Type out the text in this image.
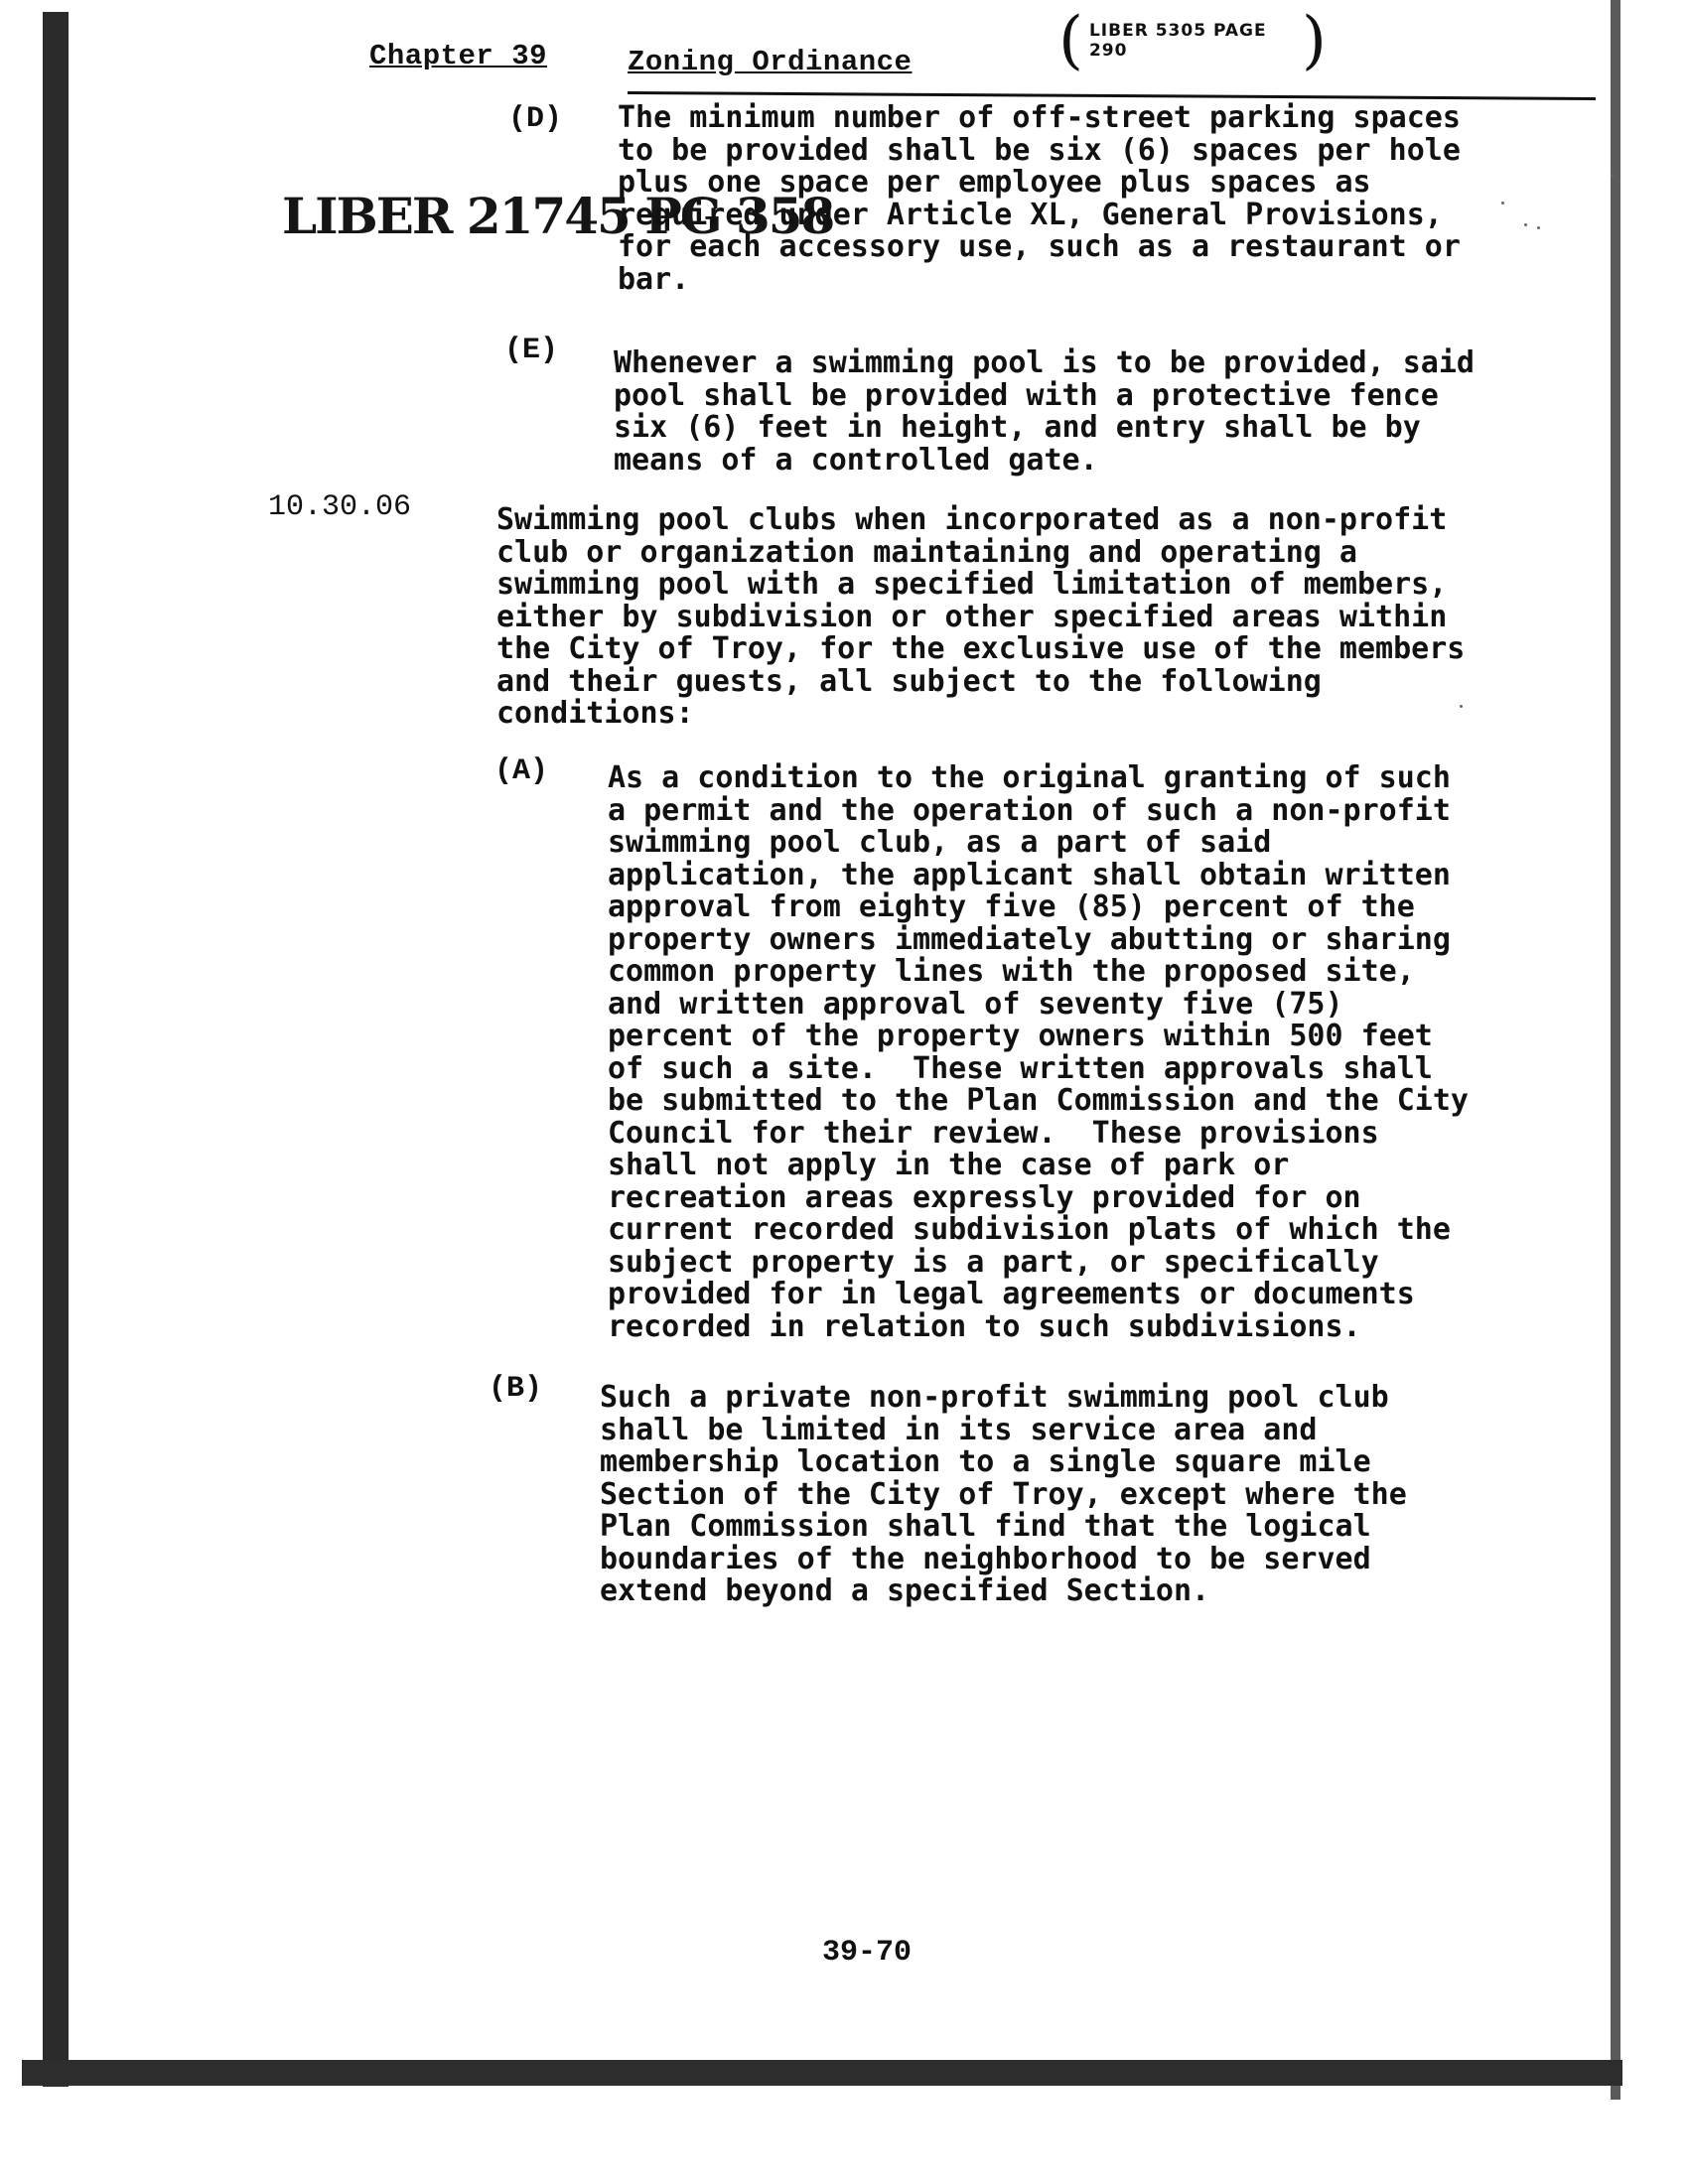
Chapter 39	Zoning Ordinance ( LIBER 5305 PAGE 290	)
LIBER 21745 PG 358
(D) The minimum number of off-street parking spaces
to be provided shall be six (6) spaces per hole
plus one space per employee plus spaces as
required under Article XL, General Provisions,
for each accessory use, such as a restaurant or
bar.
(E) Whenever a swimming pool is to be provided, said
pool shall be provided with a protective fence
six (6) feet in height, and entry shall be by
means of a controlled gate.
10.30.06	Swimming pool clubs when incorporated as a non-profit
club or organization maintaining and operating a
swimming pool with a specified limitation of members,
either by subdivision or other specified areas within
the City of Troy, for the exclusive use of the members
and their guests, all subject to the following
conditions:
(A) As a condition to the original granting of such
a permit and the operation of such a non-profit
swimming pool club, as a part of said
application, the applicant shall obtain written
approval from eighty five (85) percent of the
property owners immediately abutting or sharing
common property lines with the proposed site,
and written approval of seventy five (75)
percent of the property owners within 500 feet
of such a site.  These written approvals shall
be submitted to the Plan Commission and the City
Council for their review.  These provisions
shall not apply in the case of park or
recreation areas expressly provided for on
current recorded subdivision plats of which the
subject property is a part, or specifically
provided for in legal agreements or documents
recorded in relation to such subdivisions.
(B) Such a private non-profit swimming pool club
shall be limited in its service area and
membership location to a single square mile
Section of the City of Troy, except where the
Plan Commission shall find that the logical
boundaries of the neighborhood to be served
extend beyond a specified Section.
39-70
